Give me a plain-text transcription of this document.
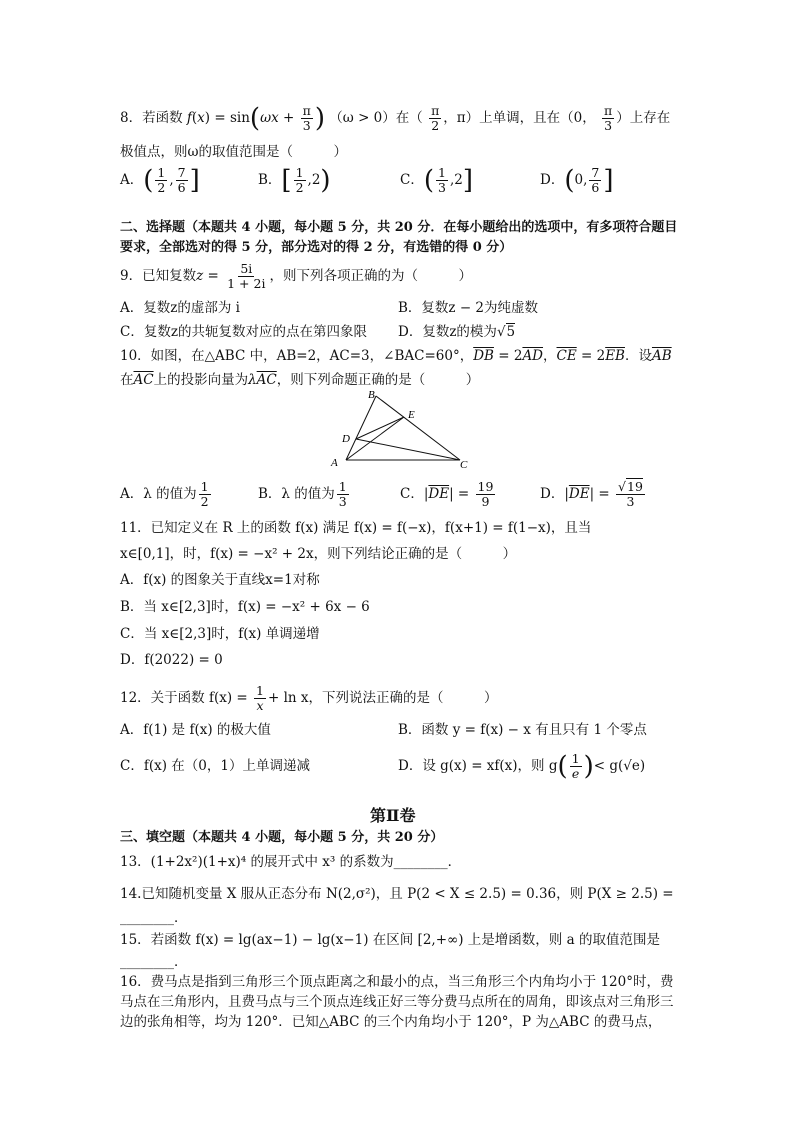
8．若函数 $f(x) = \sin(\omega x + \frac{\pi}{3}$ ) （ω > 0）在（ $\frac{\pi}{2}$ ，π）上单调，且在（0， $\frac{\pi}{3}$ ）上存在
极值点，则ω的取值范围是（　　　）
A．( $\frac{1}{2}$ , $\frac{7}{6}$ ]	B．[ $\frac{1}{2} ,2$)	C．( $\frac{1}{3} ,2$]	D．(0, $\frac{7}{6}$ ]
二、选择题（本题共 4 小题，每小题 5 分，共 20 分．在每小题给出的选项中，有多项符合题目要求，全部选对的得 5 分，部分选对的得 2 分，有选错的得 0 分）
9．已知复数$z = \frac{5i}{1 + 2i}$ ，则下列各项正确的为（　　　）
A．复数z的虚部为 i	B．复数z − 2为纯虚数
C．复数z的共轭复数对应的点在第四象限 D．复数z的模为√5
10．如图，在△ABC 中，AB=2，AC=3，∠BAC=60°，$\overline{DB} = 2\overline{AD}$，$\overline{CE} = 2\overline{EB}$．设$\overline{AB}$
在$\overline{AC}$上的投影向量为$\lambda\overline{AC}$，则下列命题正确的是（　　　）
A
B
C
D
E
A．λ 的值为 $\frac{1}{2}$	B．λ 的值为 $\frac{1}{3}$	C．$|\overline{DE}| = \frac{19}{9}$	D．$|\overline{DE}| = \frac{√19}{3}$
11．已知定义在 R 上的函数 f(x) 满足 f(x) = f(−x)，f(x+1) = f(1−x)，且当
x∈[0,1]，时，f(x) = −x² + 2x，则下列结论正确的是（　　　）
A．f(x) 的图象关于直线x=1对称
B．当 x∈[2,3]时，f(x) = −x² + 6x − 6
C．当 x∈[2,3]时，f(x) 单调递增
D．f(2022) = 0
12．关于函数 $f(x) = \frac{1}{x} + \ln x$，下列说法正确的是（　　　）
A．f(1) 是 f(x) 的极大值	B．函数 y = f(x) − x 有且只有 1 个零点
C．f(x) 在（0，1）上单调递减	D．设 g(x) = xf(x)，则 $g( \frac{1}{e}$ )< g(√e)
第Ⅱ卷
三、填空题（本题共 4 小题，每小题 5 分，共 20 分）
13．(1+2x²)(1+x)⁴ 的展开式中 x³ 的系数为________．
14.已知随机变量 X 服从正态分布 N(2,σ²)，且 P(2 < X ≤ 2.5) = 0.36，则 P(X ≥ 2.5) =
________．
15．若函数 f(x) = lg(ax−1) − lg(x−1) 在区间 [2,+∞) 上是增函数，则 a 的取值范围是
________．
16．费马点是指到三角形三个顶点距离之和最小的点，当三角形三个内角均小于 120°时，费马点在三角形内，且费马点与三个顶点连线正好三等分费马点所在的周角，即该点对三角形三边的张角相等，均为 120°．已知△ABC 的三个内角均小于 120°，P 为△ABC 的费马点，
